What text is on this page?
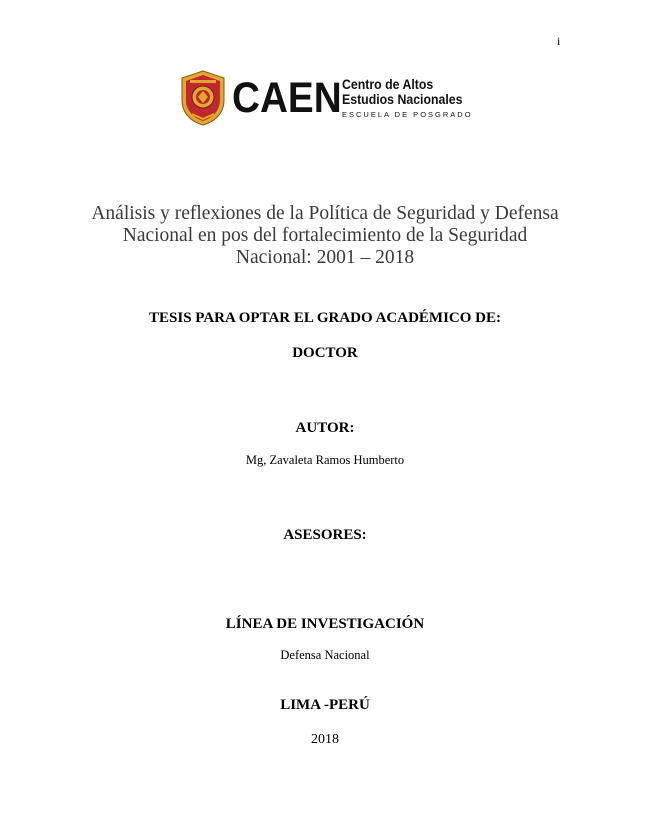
i
CAEN Centro de Altos
Estudios Nacionales
ESCUELA DE POSGRADO
Análisis y reflexiones de la Política de Seguridad y Defensa
Nacional en pos del fortalecimiento de la Seguridad
Nacional: 2001 – 2018
TESIS PARA OPTAR EL GRADO ACADÉMICO DE:
DOCTOR
AUTOR:
Mg, Zavaleta Ramos Humberto
ASESORES:
LÍNEA DE INVESTIGACIÓN
Defensa Nacional
LIMA -PERÚ
2018
